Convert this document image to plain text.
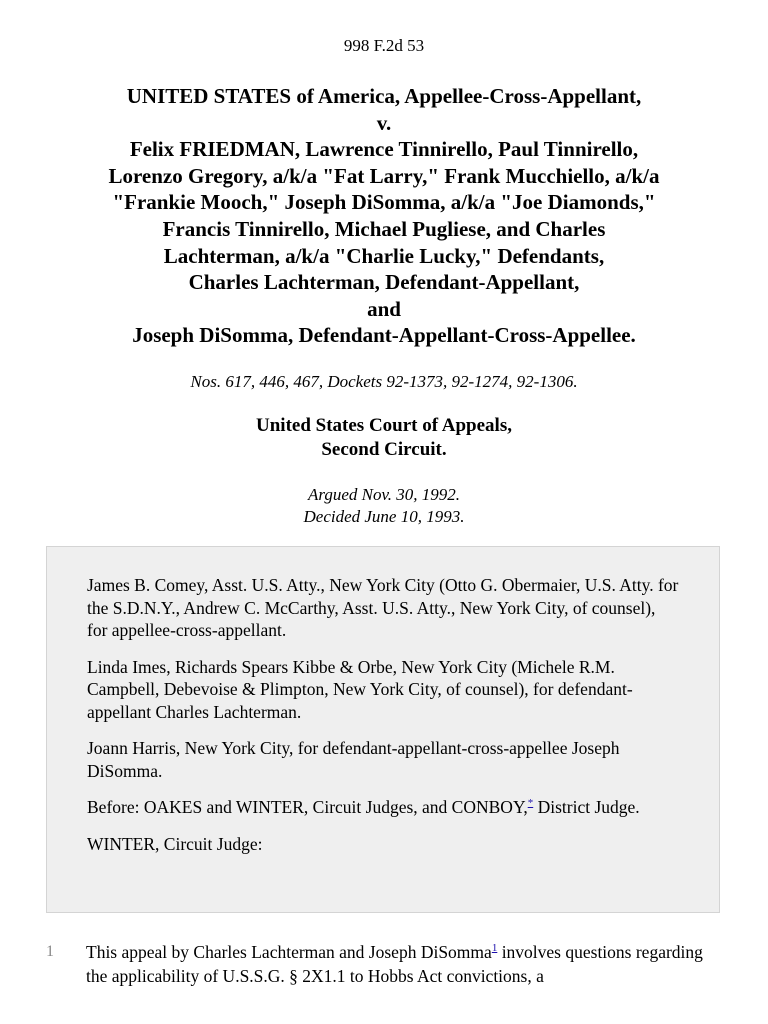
998 F.2d 53
UNITED STATES of America, Appellee-Cross-Appellant,
v.
Felix FRIEDMAN, Lawrence Tinnirello, Paul Tinnirello,
Lorenzo Gregory, a/k/a "Fat Larry," Frank Mucchiello, a/k/a
"Frankie Mooch," Joseph DiSomma, a/k/a "Joe Diamonds,"
Francis Tinnirello, Michael Pugliese, and Charles
Lachterman, a/k/a "Charlie Lucky," Defendants,
Charles Lachterman, Defendant-Appellant,
and
Joseph DiSomma, Defendant-Appellant-Cross-Appellee.
Nos. 617, 446, 467, Dockets 92-1373, 92-1274, 92-1306.
United States Court of Appeals,
Second Circuit.
Argued Nov. 30, 1992.
Decided June 10, 1993.

James B. Comey, Asst. U.S. Atty., New York City (Otto G. Obermaier, U.S. Atty. for the S.D.N.Y., Andrew C. McCarthy, Asst. U.S. Atty., New York City, of counsel), for appellee-cross-appellant.

Linda Imes, Richards Spears Kibbe & Orbe, New York City (Michele R.M. Campbell, Debevoise & Plimpton, New York City, of counsel), for defendant-appellant Charles Lachterman.

Joann Harris, New York City, for defendant-appellant-cross-appellee Joseph DiSomma.

Before: OAKES and WINTER, Circuit Judges, and CONBOY,* District Judge.

WINTER, Circuit Judge:

1 This appeal by Charles Lachterman and Joseph DiSomma$^1$ involves questions regarding the applicability of U.S.S.G. § 2X1.1 to Hobbs Act convictions, a
